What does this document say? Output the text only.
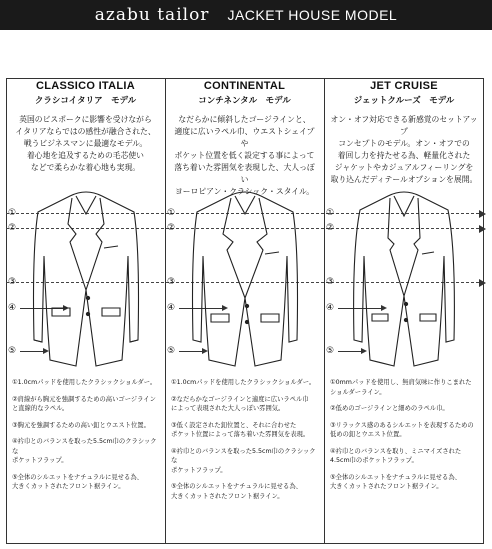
azabu tailor JACKET HOUSE MODEL
CLASSICO ITALIA
クラシコイタリア　モデル
英国のビスポークに影響を受けながら
イタリアならではの感性が融合された、
戦うビジネスマンに最適なモデル。
着心地を追及するための毛芯使い
などで柔らかな着心地も実現。
①
②
③
④
⑤
①1.0cmパッドを使用したクラシックショルダー。
②肩線がら胸元を強調するための高いゴージライン
と直線的なラペル。
③胸元を強調するための高い釦とウエスト位置。
④衿巾とのバランスを取った5.5cm巾のクラシックな
ポケットフラップ。
⑤全体のシルエットをナチュラルに見せる為、
大きくカットされたフロント裾ライン。
CONTINENTAL
コンチネンタル　モデル
なだらかに傾斜したゴージラインと、
適度に広いラペル巾、ウエストシェイプや
ポケット位置を低く設定する事によって
落ち着いた雰囲気を表現した、大人っぽい
ヨーロピアン・クラシック・スタイル。
①
②
③
④
⑤
①1.0cmパッドを使用したクラシックショルダー。
②なだらかなゴージラインと適度に広いラペル巾
によって表現された大人っぽい雰囲気。
③低く設定された釦位置と、それに合わせた
ポケット位置によって落ち着いた雰囲気を表現。
④衿巾とのバランスを取った5.5cm巾のクラシックな
ポケットフラップ。
⑤全体のシルエットをナチュラルに見せる為、
大きくカットされたフロント裾ライン。
JET CRUISE
ジェットクルーズ　モデル
オン・オフ対応できる新感覚のセットアップ
コンセプトのモデル。オン・オフでの
着回し力を持たせる為、軽量化された
ジャケットやカジュアルフィーリングを
取り込んだディテールオプションを展開。
①
②
③
④
⑤
①0mmパッドを使用し、無肩気味に作りこまれた
ショルダーライン。
②低めのゴージラインと細めのラペル巾。
③リラックス感のあるシルエットを表現するための
低めの釦とウエスト位置。
④衿巾とのバランスを取り、ミニマイズされた
4.5cm巾のポケットフラップ。
⑤全体のシルエットをナチュラルに見せる為、
大きくカットされたフロント裾ライン。
